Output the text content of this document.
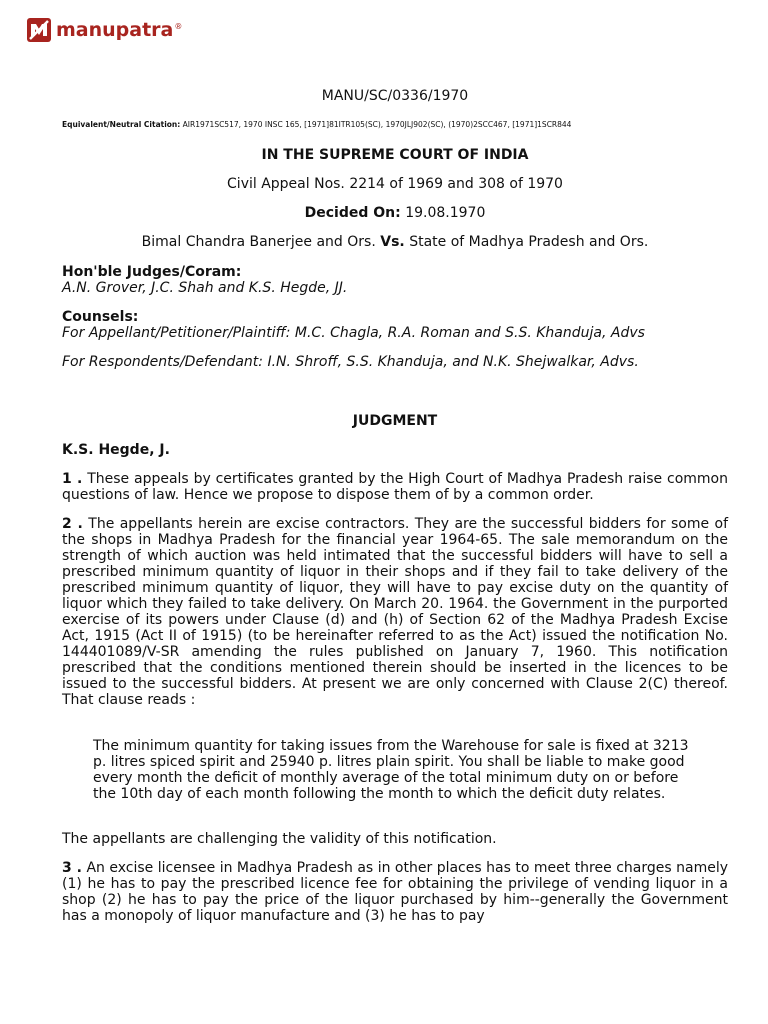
manupatra ®
MANU/SC/0336/1970
Equivalent/Neutral Citation: AIR1971SC517, 1970 INSC 165, [1971]81ITR105(SC), 1970JLJ902(SC), (1970)2SCC467, [1971]1SCR844
IN THE SUPREME COURT OF INDIA
Civil Appeal Nos. 2214 of 1969 and 308 of 1970
Decided On: 19.08.1970
Bimal Chandra Banerjee and Ors. Vs. State of Madhya Pradesh and Ors.
Hon'ble Judges/Coram:
A.N. Grover, J.C. Shah and K.S. Hegde, JJ.
Counsels:
For Appellant/Petitioner/Plaintiff: M.C. Chagla, R.A. Roman and S.S. Khanduja, Advs
For Respondents/Defendant: I.N. Shroff, S.S. Khanduja, and N.K. Shejwalkar, Advs.
JUDGMENT
K.S. Hegde, J.
1 . These appeals by certificates granted by the High Court of Madhya Pradesh raise common questions of law. Hence we propose to dispose them of by a common order.
2 . The appellants herein are excise contractors. They are the successful bidders for some of the shops in Madhya Pradesh for the financial year 1964-65. The sale memorandum on the strength of which auction was held intimated that the successful bidders will have to sell a prescribed minimum quantity of liquor in their shops and if they fail to take delivery of the prescribed minimum quantity of liquor, they will have to pay excise duty on the quantity of liquor which they failed to take delivery. On March 20. 1964. the Government in the purported exercise of its powers under Clause (d) and (h) of Section 62 of the Madhya Pradesh Excise Act, 1915 (Act II of 1915) (to be hereinafter referred to as the Act) issued the notification No. 144401089/V-SR amending the rules published on January 7, 1960. This notification prescribed that the conditions mentioned therein should be inserted in the licences to be issued to the successful bidders. At present we are only concerned with Clause 2(C) thereof. That clause reads :
The minimum quantity for taking issues from the Warehouse for sale is fixed at 3213 p. litres spiced spirit and 25940 p. litres plain spirit. You shall be liable to make good every month the deficit of monthly average of the total minimum duty on or before the 10th day of each month following the month to which the deficit duty relates.
The appellants are challenging the validity of this notification.
3 . An excise licensee in Madhya Pradesh as in other places has to meet three charges namely (1) he has to pay the prescribed licence fee for obtaining the privilege of vending liquor in a shop (2) he has to pay the price of the liquor purchased by him--generally the Government has a monopoly of liquor manufacture and (3) he has to pay
